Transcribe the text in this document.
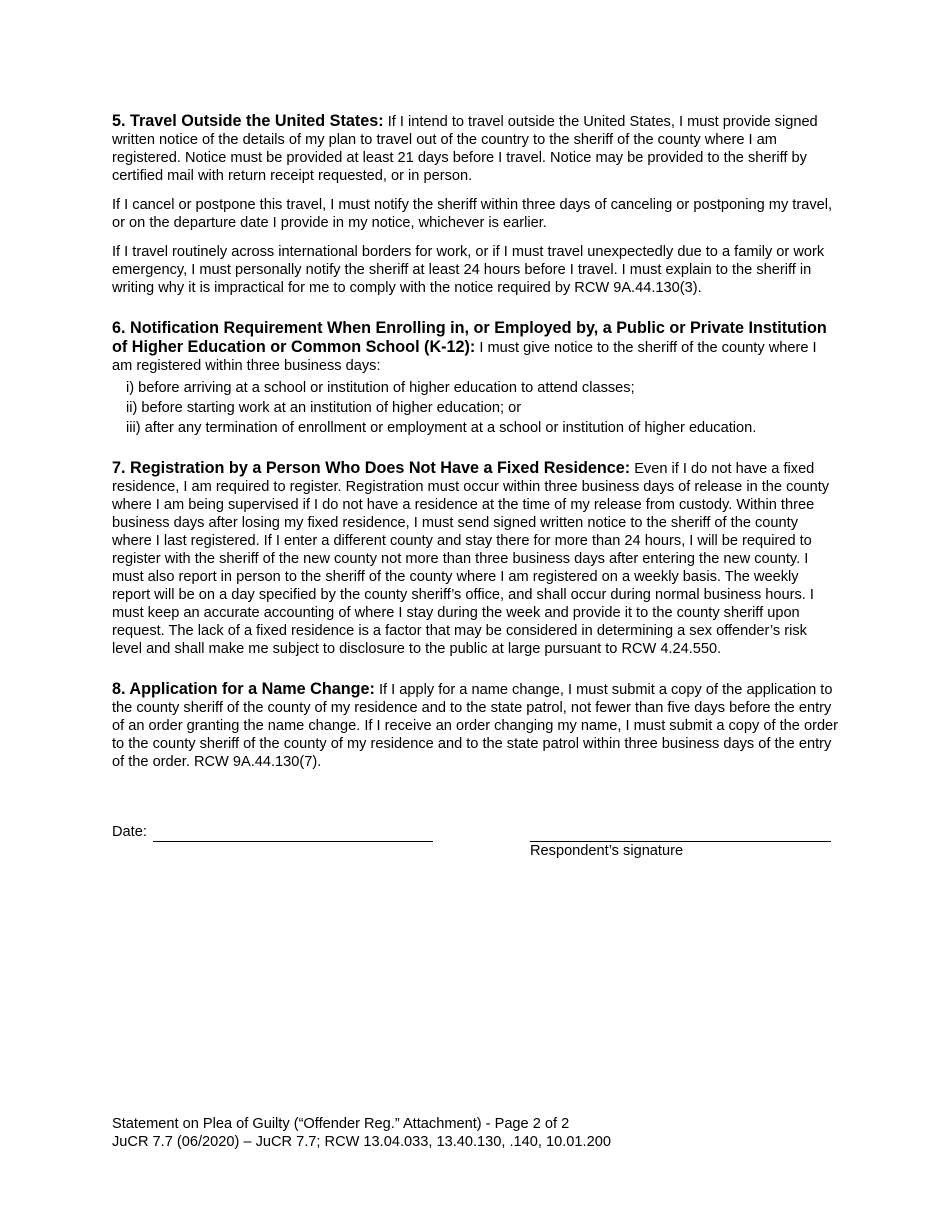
5. Travel Outside the United States: If I intend to travel outside the United States, I must provide signed written notice of the details of my plan to travel out of the country to the sheriff of the county where I am registered. Notice must be provided at least 21 days before I travel. Notice may be provided to the sheriff by certified mail with return receipt requested, or in person.

If I cancel or postpone this travel, I must notify the sheriff within three days of canceling or postponing my travel, or on the departure date I provide in my notice, whichever is earlier.

If I travel routinely across international borders for work, or if I must travel unexpectedly due to a family or work emergency, I must personally notify the sheriff at least 24 hours before I travel. I must explain to the sheriff in writing why it is impractical for me to comply with the notice required by RCW 9A.44.130(3).

6. Notification Requirement When Enrolling in, or Employed by, a Public or Private Institution of Higher Education or Common School (K-12): I must give notice to the sheriff of the county where I am registered within three business days:

i) before arriving at a school or institution of higher education to attend classes;
ii) before starting work at an institution of higher education; or
iii) after any termination of enrollment or employment at a school or institution of higher education.

7. Registration by a Person Who Does Not Have a Fixed Residence: Even if I do not have a fixed residence, I am required to register. Registration must occur within three business days of release in the county where I am being supervised if I do not have a residence at the time of my release from custody. Within three business days after losing my fixed residence, I must send signed written notice to the sheriff of the county where I last registered. If I enter a different county and stay there for more than 24 hours, I will be required to register with the sheriff of the new county not more than three business days after entering the new county. I must also report in person to the sheriff of the county where I am registered on a weekly basis. The weekly report will be on a day specified by the county sheriff’s office, and shall occur during normal business hours. I must keep an accurate accounting of where I stay during the week and provide it to the county sheriff upon request. The lack of a fixed residence is a factor that may be considered in determining a sex offender’s risk level and shall make me subject to disclosure to the public at large pursuant to RCW 4.24.550.

8. Application for a Name Change: If I apply for a name change, I must submit a copy of the application to the county sheriff of the county of my residence and to the state patrol, not fewer than five days before the entry of an order granting the name change. If I receive an order changing my name, I must submit a copy of the order to the county sheriff of the county of my residence and to the state patrol within three business days of the entry of the order. RCW 9A.44.130(7).

Date:
Respondent’s signature
Statement on Plea of Guilty (“Offender Reg.” Attachment) - Page 2 of 2
JuCR 7.7 (06/2020) – JuCR 7.7; RCW 13.04.033, 13.40.130, .140, 10.01.200
